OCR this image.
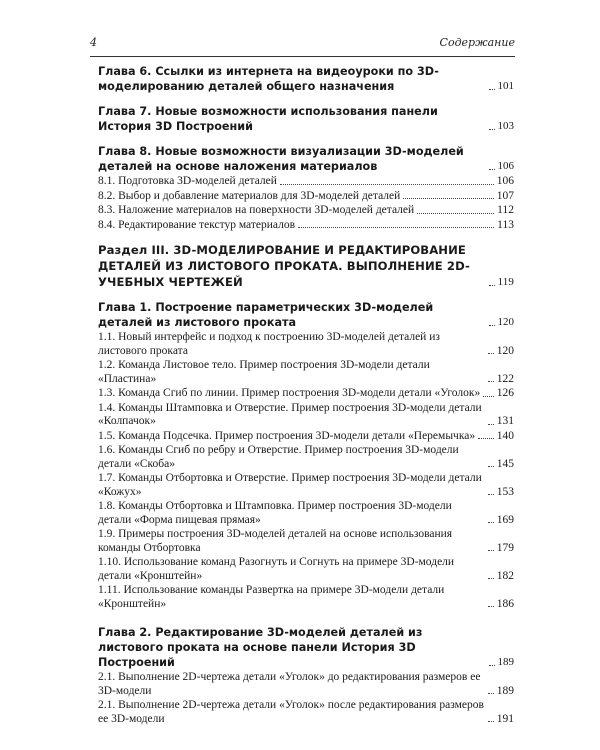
4	Содержание
Глава 6. Ссылки из интернета на видеоуроки по 3D-моделированию деталей общего назначения	101
Глава 7. Новые возможности использования панели История 3D Построений	103
Глава 8. Новые возможности визуализации 3D-моделей деталей на основе наложения материалов	106
8.1. Подготовка 3D-моделей деталей	106
8.2. Выбор и добавление материалов для 3D-моделей деталей	107
8.3. Наложение материалов на поверхности 3D-моделей деталей	112
8.4. Редактирование текстур материалов	113
Раздел III. 3D-МОДЕЛИРОВАНИЕ И РЕДАКТИРОВАНИЕ ДЕТАЛЕЙ ИЗ ЛИСТОВОГО ПРОКАТА. ВЫПОЛНЕНИЕ 2D-УЧЕБНЫХ ЧЕРТЕЖЕЙ	119
Глава 1. Построение параметрических 3D-моделей деталей из листового проката	120
1.1. Новый интерфейс и подход к построению 3D-моделей деталей из листового проката	120
1.2. Команда Листовое тело. Пример построения 3D-модели детали «Пластина»	122
1.3. Команда Сгиб по линии. Пример построения 3D-модели детали «Уголок» 126
1.4. Команды Штамповка и Отверстие. Пример построения 3D-модели детали «Колпачок»	131
1.5. Команда Подсечка. Пример построения 3D-модели детали «Перемычка» 140
1.6. Команды Сгиб по ребру и Отверстие. Пример построения 3D-модели детали «Скоба»	145
1.7. Команды Отбортовка и Отверстие. Пример построения 3D-модели детали «Кожух»	153
1.8. Команды Отбортовка и Штамповка. Пример построения 3D-модели детали «Форма пищевая прямая»	169
1.9. Примеры построения 3D-моделей деталей на основе использования команды Отбортовка	179
1.10. Использование команд Разогнуть и Согнуть на примере 3D-модели детали «Кронштейн»	182
1.11. Использование команды Развертка на примере 3D-модели детали «Кронштейн»	186
Глава 2. Редактирование 3D-моделей деталей из листового проката на основе панели История 3D Построений	189
2.1. Выполнение 2D-чертежа детали «Уголок» до редактирования размеров ее 3D-модели	189
2.1. Выполнение 2D-чертежа детали «Уголок» после редактирования размеров ее 3D-модели	191
